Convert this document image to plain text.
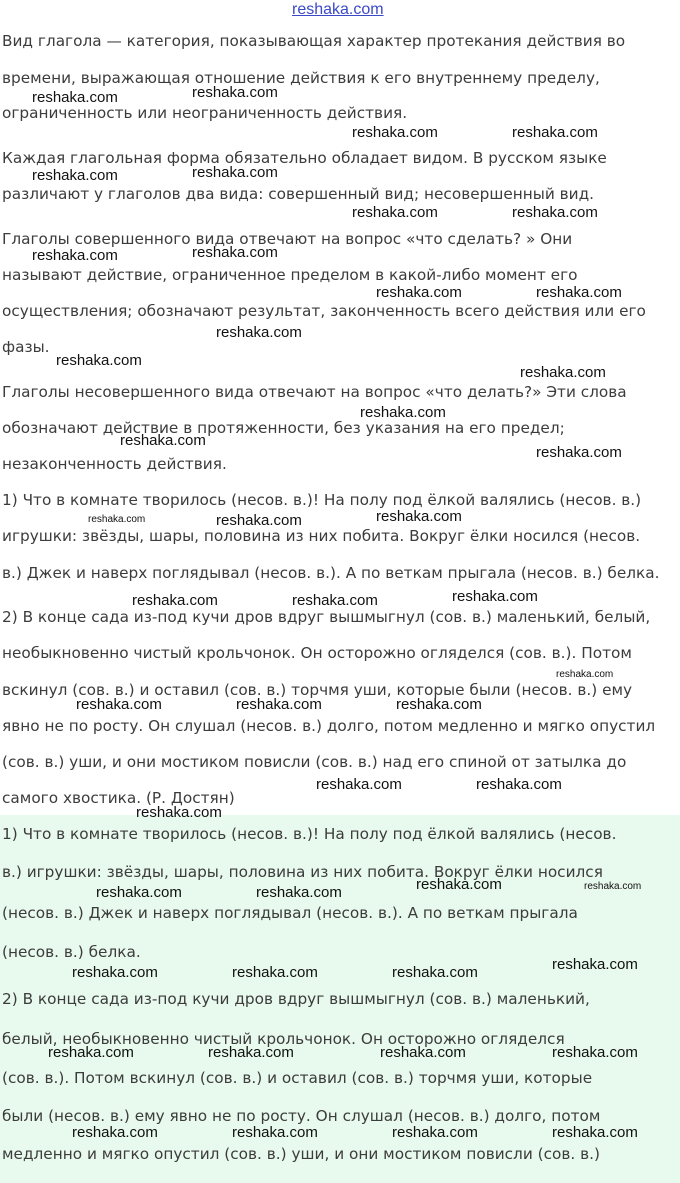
reshaka.com
Вид глагола — категория, показывающая характер протекания действия во
времени, выражающая отношение действия к его внутреннему пределу,
ограниченность или неограниченность действия.
Каждая глагольная форма обязательно обладает видом. В русском языке
различают у глаголов два вида: совершенный вид; несовершенный вид.
Глаголы совершенного вида отвечают на вопрос «что сделать? » Они
называют действие, ограниченное пределом в какой-либо момент его
осуществления; обозначают результат, законченность всего действия или его
фазы.
Глаголы несовершенного вида отвечают на вопрос «что делать?» Эти слова
обозначают действие в протяженности, без указания на его предел;
незаконченность действия.
1) Что в комнате творилось (несов. в.)! На полу под ёлкой валялись (несов. в.)
игрушки: звёзды, шары, половина из них побита. Вокруг ёлки носился (несов.
в.) Джек и наверх поглядывал (несов. в.). А по веткам прыгала (несов. в.) белка.
2) В конце сада из-под кучи дров вдруг вышмыгнул (сов. в.) маленький, белый,
необыкновенно чистый крольчонок. Он осторожно огляделся (сов. в.). Потом
вскинул (сов. в.) и оставил (сов. в.) торчмя уши, которые были (несов. в.) ему
явно не по росту. Он слушал (несов. в.) долго, потом медленно и мягко опустил
(сов. в.) уши, и они мостиком повисли (сов. в.) над его спиной от затылка до
самого хвостика. (Р. Достян)
1) Что в комнате творилось (несов. в.)! На полу под ёлкой валялись (несов.
в.) игрушки: звёзды, шары, половина из них побита. Вокруг ёлки носился
(несов. в.) Джек и наверх поглядывал (несов. в.). А по веткам прыгала
(несов. в.) белка.
2) В конце сада из-под кучи дров вдруг вышмыгнул (сов. в.) маленький,
белый, необыкновенно чистый крольчонок. Он осторожно огляделся
(сов. в.). Потом вскинул (сов. в.) и оставил (сов. в.) торчмя уши, которые
были (несов. в.) ему явно не по росту. Он слушал (несов. в.) долго, потом
медленно и мягко опустил (сов. в.) уши, и они мостиком повисли (сов. в.)
reshaka.com	reshaka.com
reshaka.com	reshaka.com
reshaka.com	reshaka.com
reshaka.com	reshaka.com
reshaka.com	reshaka.com
reshaka.com	reshaka.com
reshaka.com
reshaka.com
reshaka.com
reshaka.com
reshaka.com
reshaka.com
reshaka.com	reshaka.com	reshaka.com
reshaka.com	reshaka.com	reshaka.com
reshaka.com
reshaka.com	reshaka.com	reshaka.com
reshaka.com	reshaka.com
reshaka.com
reshaka.com	reshaka.com	reshaka.com	reshaka.com
reshaka.com	reshaka.com	reshaka.com	reshaka.com
reshaka.com	reshaka.com	reshaka.com	reshaka.com
reshaka.com	reshaka.com	reshaka.com	reshaka.com
